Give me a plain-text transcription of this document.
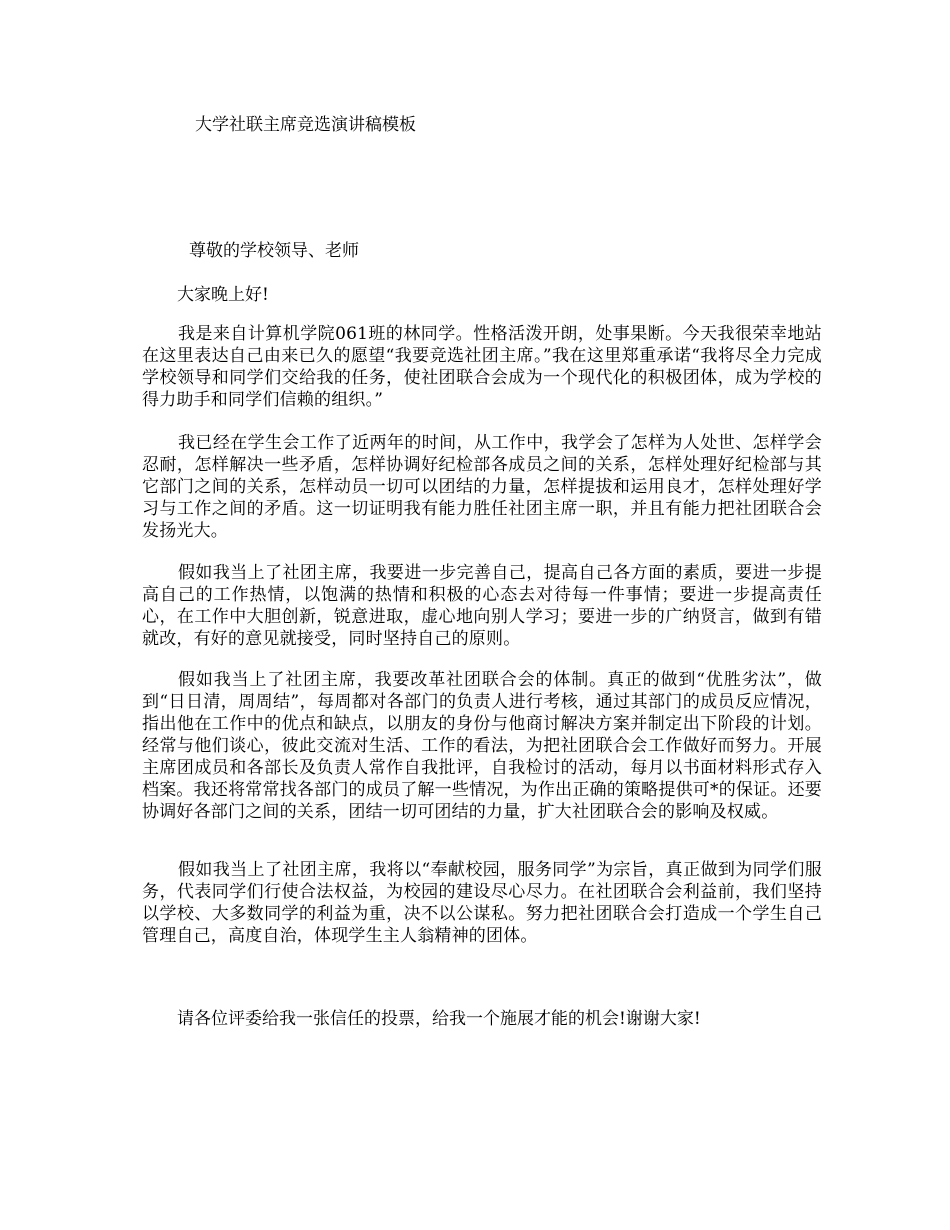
大学社联主席竞选演讲稿模板
尊敬的学校领导、老师
大家晚上好!

我是来自计算机学院061班的林同学。性格活泼开朗，处事果断。今天我很荣幸地站在这里表达自己由来已久的愿望“我要竞选社团主席。”我在这里郑重承诺“我将尽全力完成学校领导和同学们交给我的任务，使社团联合会成为一个现代化的积极团体，成为学校的得力助手和同学们信赖的组织。”

我已经在学生会工作了近两年的时间，从工作中，我学会了怎样为人处世、怎样学会忍耐，怎样解决一些矛盾，怎样协调好纪检部各成员之间的关系，怎样处理好纪检部与其它部门之间的关系，怎样动员一切可以团结的力量，怎样提拔和运用良才，怎样处理好学习与工作之间的矛盾。这一切证明我有能力胜任社团主席一职，并且有能力把社团联合会发扬光大。

假如我当上了社团主席，我要进一步完善自己，提高自己各方面的素质，要进一步提高自己的工作热情，以饱满的热情和积极的心态去对待每一件事情；要进一步提高责任心，在工作中大胆创新，锐意进取，虚心地向别人学习；要进一步的广纳贤言，做到有错就改，有好的意见就接受，同时坚持自己的原则。

假如我当上了社团主席，我要改革社团联合会的体制。真正的做到“优胜劣汰”，做到“日日清，周周结”，每周都对各部门的负责人进行考核，通过其部门的成员反应情况，指出他在工作中的优点和缺点，以朋友的身份与他商讨解决方案并制定出下阶段的计划。经常与他们谈心，彼此交流对生活、工作的看法，为把社团联合会工作做好而努力。开展主席团成员和各部长及负责人常作自我批评，自我检讨的活动，每月以书面材料形式存入档案。我还将常常找各部门的成员了解一些情况，为作出正确的策略提供可*的保证。还要协调好各部门之间的关系，团结一切可团结的力量，扩大社团联合会的影响及权威。

假如我当上了社团主席，我将以“奉献校园，服务同学”为宗旨，真正做到为同学们服务，代表同学们行使合法权益，为校园的建设尽心尽力。在社团联合会利益前，我们坚持以学校、大多数同学的利益为重，决不以公谋私。努力把社团联合会打造成一个学生自己管理自己，高度自治，体现学生主人翁精神的团体。

请各位评委给我一张信任的投票，给我一个施展才能的机会!谢谢大家!
